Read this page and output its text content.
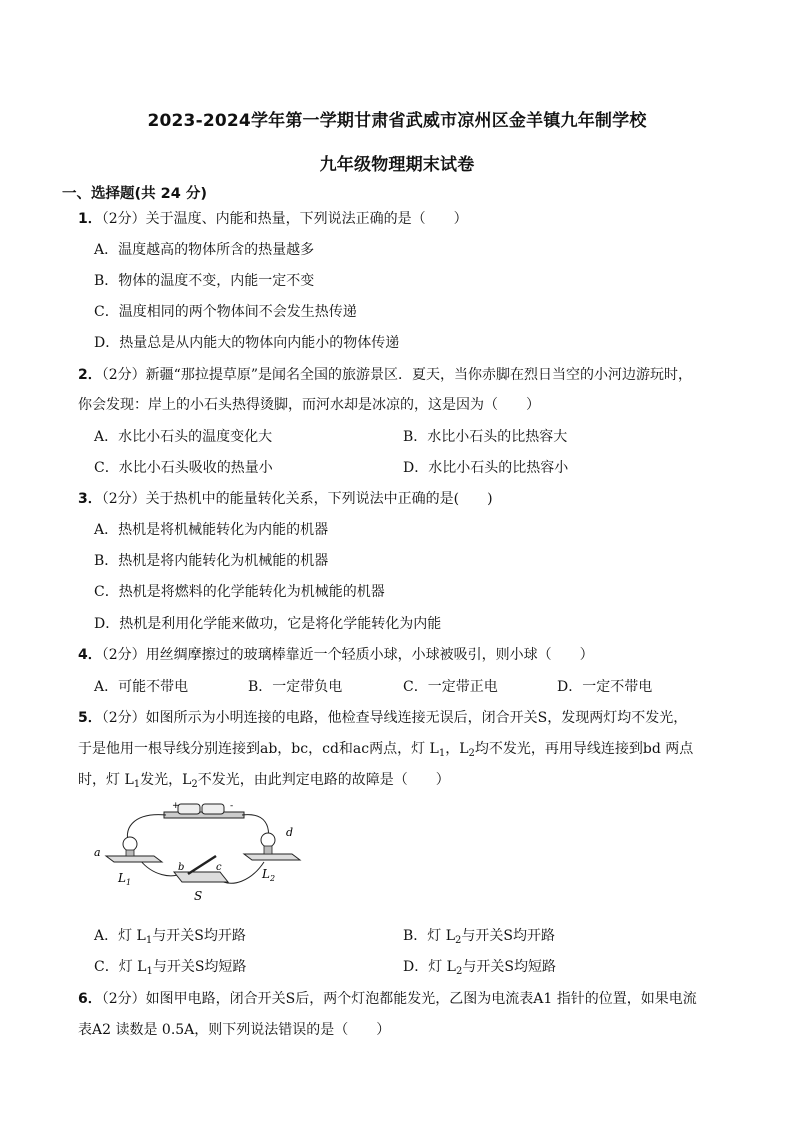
2023-2024学年第一学期甘肃省武威市凉州区金羊镇九年制学校
九年级物理期末试卷
一、选择题(共 24 分)
1．（2分）关于温度、内能和热量，下列说法正确的是（　　）
A．温度越高的物体所含的热量越多
B．物体的温度不变，内能一定不变
C．温度相同的两个物体间不会发生热传递
D．热量总是从内能大的物体向内能小的物体传递
2．（2分）新疆“那拉提草原”是闻名全国的旅游景区．夏天，当你赤脚在烈日当空的小河边游玩时，
你会发现：岸上的小石头热得烫脚，而河水却是冰凉的，这是因为（　　）
A．水比小石头的温度变化大	B．水比小石头的比热容大
C．水比小石头吸收的热量小	D．水比小石头的比热容小
3．（2分）关于热机中的能量转化关系，下列说法中正确的是(　　)
A．热机是将机械能转化为内能的机器
B．热机是将内能转化为机械能的机器
C．热机是将燃料的化学能转化为机械能的机器
D．热机是利用化学能来做功，它是将化学能转化为内能
4．（2分）用丝绸摩擦过的玻璃棒靠近一个轻质小球，小球被吸引，则小球（　　）
A．可能不带电	B．一定带负电	C．一定带正电	D．一定不带电
5．（2分）如图所示为小明连接的电路，他检查导线连接无误后，闭合开关S，发现两灯均不发光，
于是他用一根导线分别连接到ab，bc，cd和ac两点，灯 $L_1$，$L_2$均不发光，再用导线连接到bd 两点
时，灯 $L_1$发光，$L_2$不发光，由此判定电路的故障是（　　）
+	-
a
b	c
d
$L_1$
$L_2$
S
A．灯 $L_1$与开关S均开路	B．灯 $L_2$与开关S均开路
C．灯 $L_1$与开关S均短路	D．灯 $L_2$与开关S均短路
6．（2分）如图甲电路，闭合开关S后，两个灯泡都能发光，乙图为电流表A1 指针的位置，如果电流
表A2 读数是 0.5A，则下列说法错误的是（　　）
